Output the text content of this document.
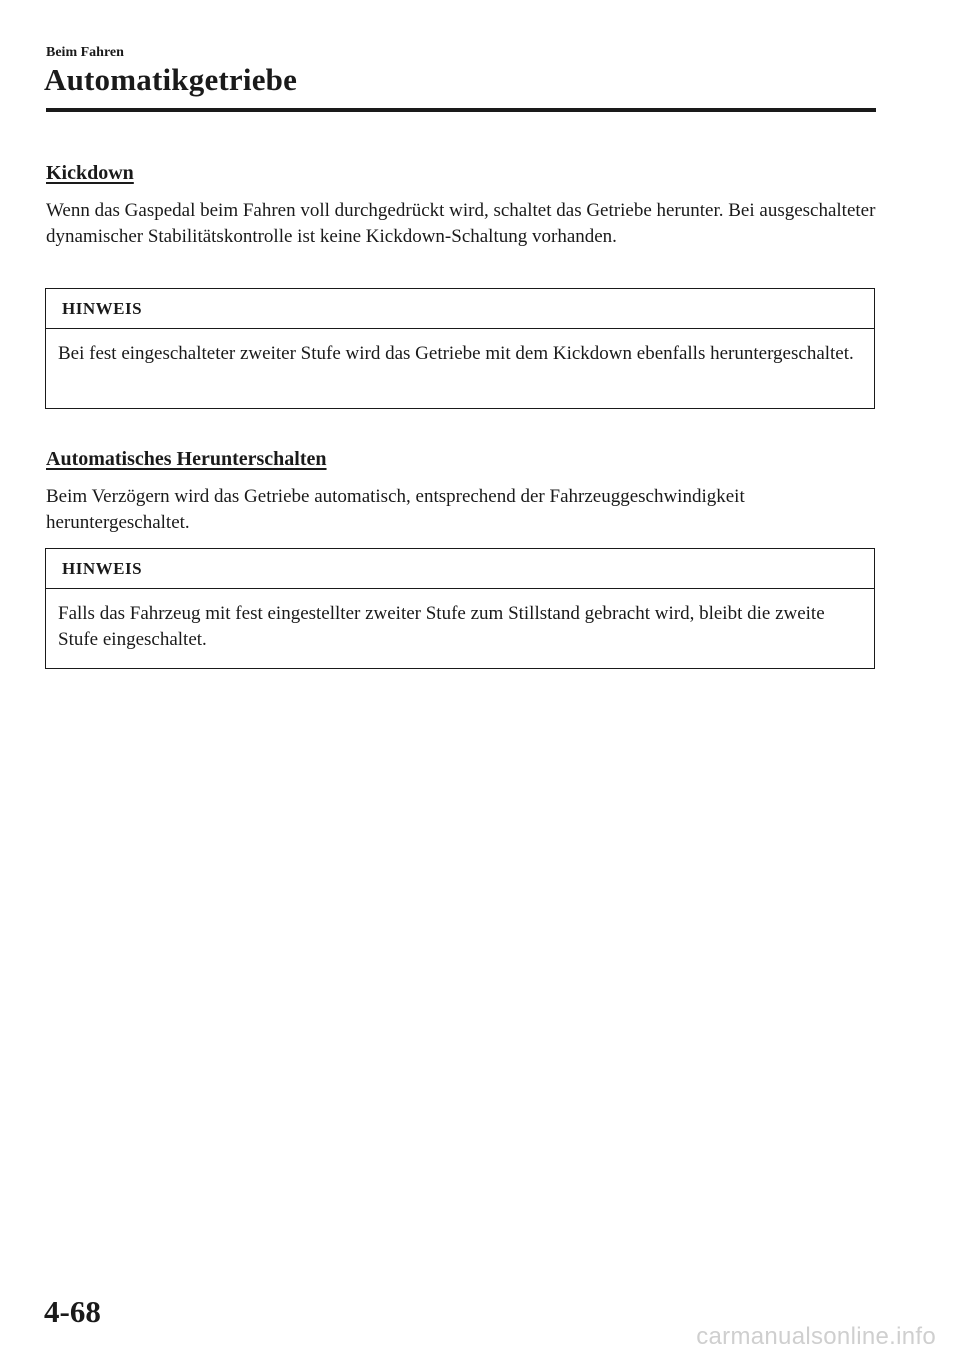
Beim Fahren
Automatikgetriebe
Kickdown

Wenn das Gaspedal beim Fahren voll durchgedrückt wird, schaltet das Getriebe herunter. Bei ausgeschalteter dynamischer Stabilitätskontrolle ist keine Kickdown-Schaltung vorhanden.

HINWEIS
Bei fest eingeschalteter zweiter Stufe wird das Getriebe mit dem Kickdown ebenfalls heruntergeschaltet.
Automatisches Herunterschalten

Beim Verzögern wird das Getriebe automatisch, entsprechend der Fahrzeuggeschwindigkeit heruntergeschaltet.

HINWEIS
Falls das Fahrzeug mit fest eingestellter zweiter Stufe zum Stillstand gebracht wird, bleibt die zweite Stufe eingeschaltet.
4-68
carmanualsonline.info
